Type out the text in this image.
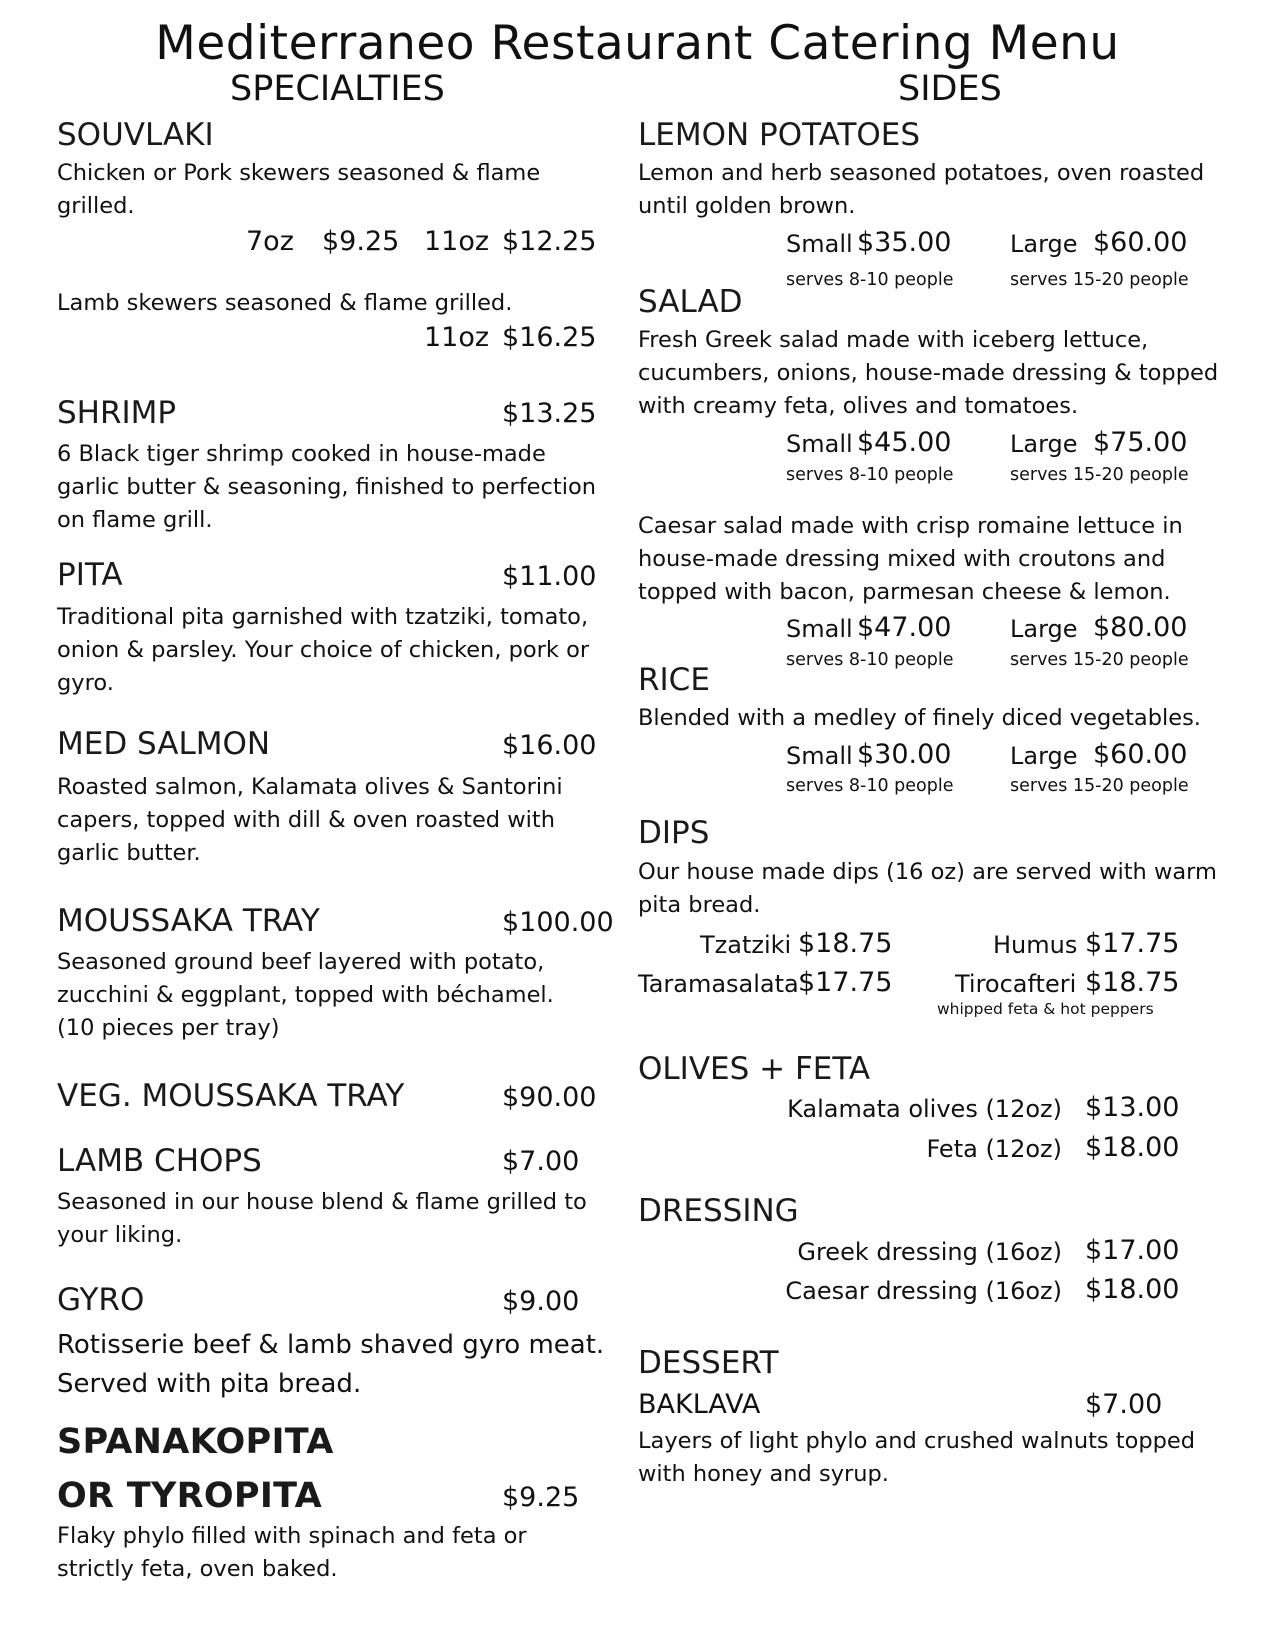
Mediterraneo Restaurant Catering Menu
SPECIALTIES	SIDES
SOUVLAKI
Chicken or Pork skewers seasoned & flame grilled.
7oz $9.25 11oz $12.25
Lamb skewers seasoned & flame grilled.
11oz $16.25
SHRIMP	$13.25
6 Black tiger shrimp cooked in house-made garlic butter & seasoning, finished to perfection on flame grill.
PITA	$11.00
Traditional pita garnished with tzatziki, tomato, onion & parsley. Your choice of chicken, pork or gyro.
MED SALMON	$16.00
Roasted salmon, Kalamata olives & Santorini capers, topped with dill & oven roasted with garlic butter.
MOUSSAKA TRAY	$100.00
Seasoned ground beef layered with potato, zucchini & eggplant, topped with béchamel.
(10 pieces per tray)
VEG. MOUSSAKA TRAY	$90.00
LAMB CHOPS	$7.00
Seasoned in our house blend & flame grilled to your liking.
GYRO	$9.00
Rotisserie beef & lamb shaved gyro meat. Served with pita bread.
SPANAKOPITA
OR TYROPITA	$9.25
Flaky phylo filled with spinach and feta or strictly feta, oven baked.
LEMON POTATOES
Lemon and herb seasoned potatoes, oven roasted until golden brown.
Small $35.00 Large $60.00
serves 8-10 people	serves 15-20 people
SALAD
Fresh Greek salad made with iceberg lettuce, cucumbers, onions, house-made dressing & topped with creamy feta, olives and tomatoes.
Small $45.00 Large $75.00
serves 8-10 people	serves 15-20 people
Caesar salad made with crisp romaine lettuce in house-made dressing mixed with croutons and topped with bacon, parmesan cheese & lemon.
Small $47.00 Large $80.00
serves 8-10 people	serves 15-20 people
RICE
Blended with a medley of finely diced vegetables.
Small $30.00 Large $60.00
serves 8-10 people	serves 15-20 people
DIPS
Our house made dips (16 oz) are served with warm pita bread.
Tzatziki $18.75	Humus $17.75
Taramasalata $17.75	Tirocafteri $18.75
whipped feta & hot peppers
OLIVES + FETA
Kalamata olives (12oz) $13.00
Feta (12oz) $18.00
DRESSING
Greek dressing (16oz) $17.00
Caesar dressing (16oz) $18.00
DESSERT
BAKLAVA	$7.00
Layers of light phylo and crushed walnuts topped with honey and syrup.
